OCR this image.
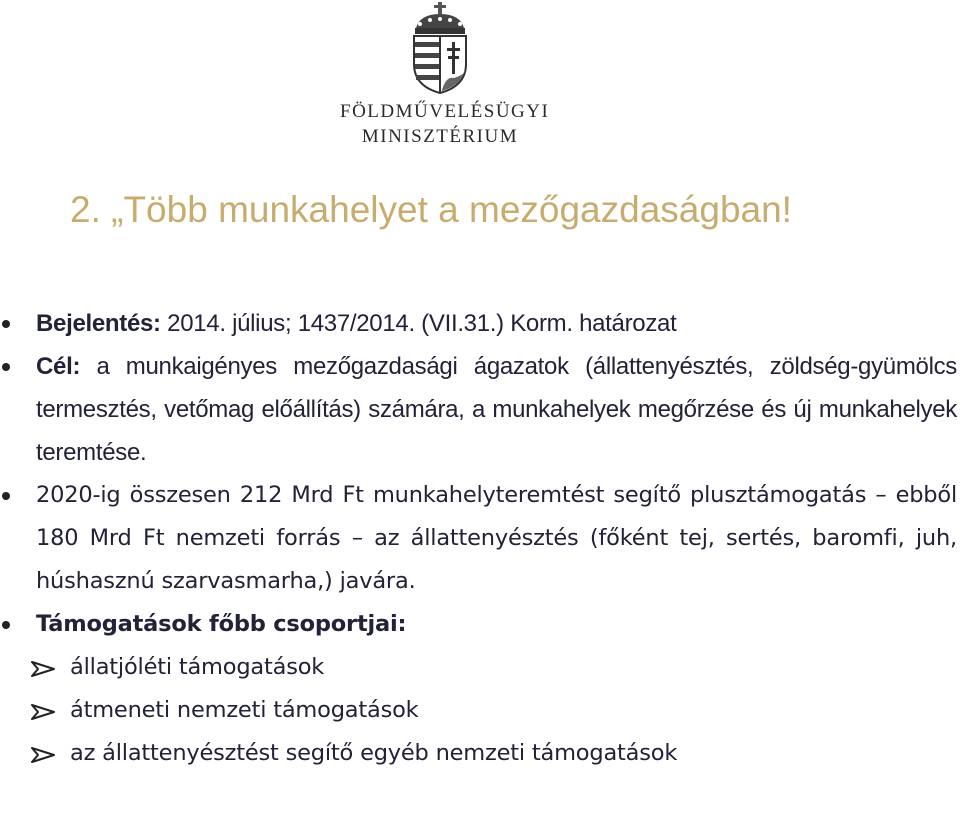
FÖLDMŰVELÉSÜGYI
MINISZTÉRIUM
2. „Több munkahelyet a mezőgazdaságban!
Bejelentés: 2014. július; 1437/2014. (VII.31.) Korm. határozat
Cél: a munkaigényes mezőgazdasági ágazatok (állattenyésztés, zöldség-gyümölcs termesztés, vetőmag előállítás) számára, a munkahelyek megőrzése és új munkahelyek teremtése.
2020-ig összesen 212 Mrd Ft munkahelyteremtést segítő plusztámogatás – ebből 180 Mrd Ft nemzeti forrás – az állattenyésztés (főként tej, sertés, baromfi, juh, húshasznú szarvasmarha,) javára.
Támogatások főbb csoportjai:
állatjóléti támogatások
átmeneti nemzeti támogatások
az állattenyésztést segítő egyéb nemzeti támogatások
